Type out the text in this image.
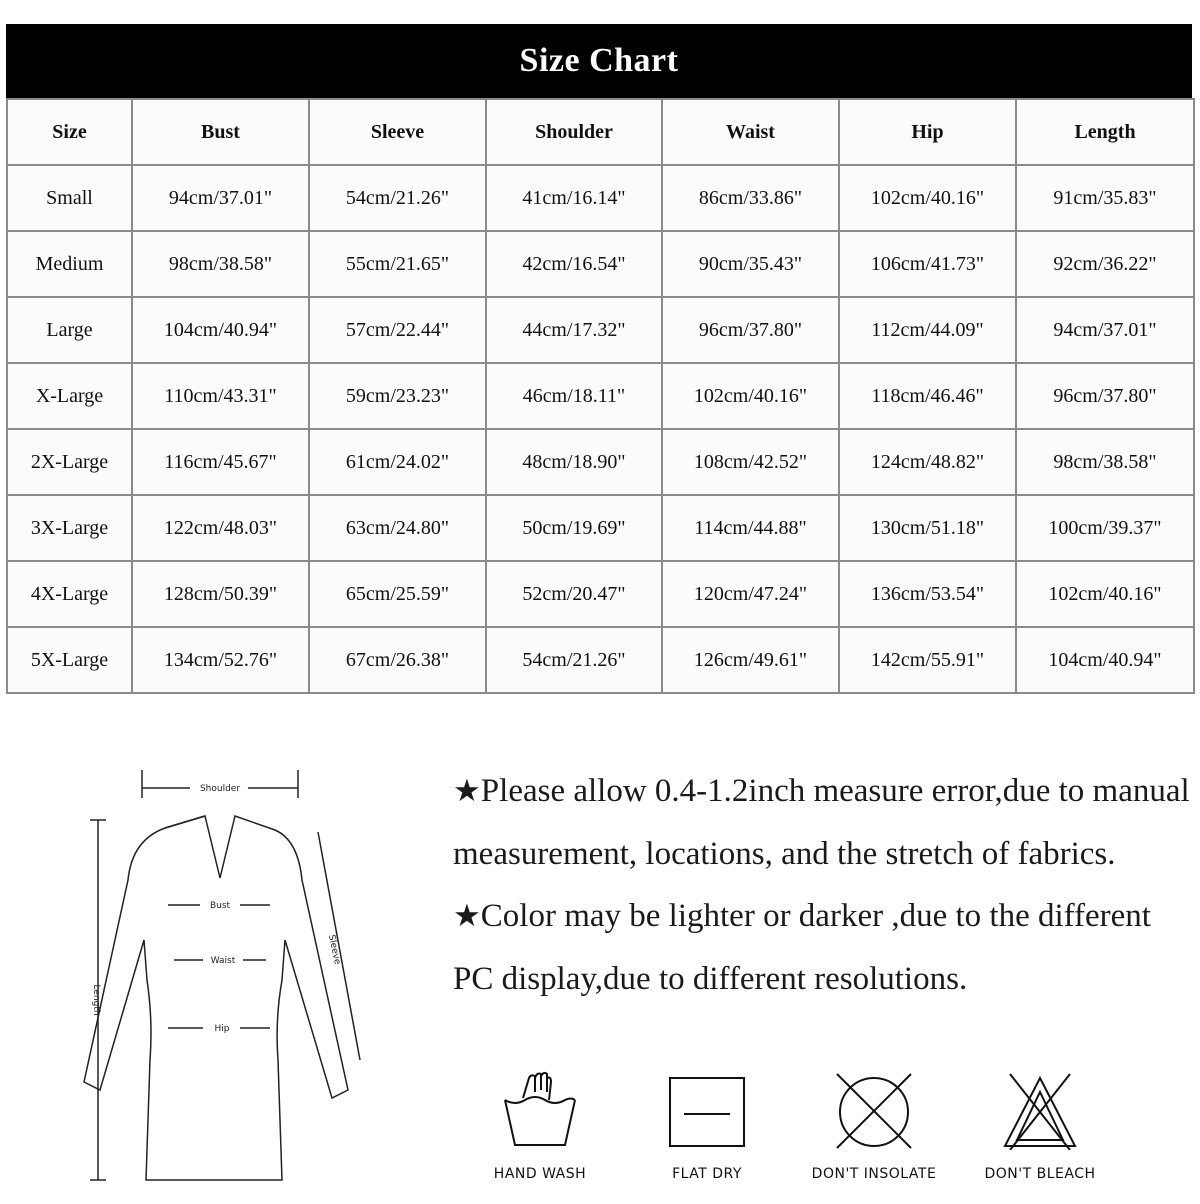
Size Chart
Size	Bust	Sleeve	Shoulder	Waist	Hip	Length
Small	94cm/37.01"	54cm/21.26"	41cm/16.14"	86cm/33.86"	102cm/40.16"	91cm/35.83"
Medium	98cm/38.58"	55cm/21.65"	42cm/16.54"	90cm/35.43"	106cm/41.73"	92cm/36.22"
Large	104cm/40.94"	57cm/22.44"	44cm/17.32"	96cm/37.80"	112cm/44.09"	94cm/37.01"
X-Large	110cm/43.31"	59cm/23.23"	46cm/18.11"	102cm/40.16"	118cm/46.46"	96cm/37.80"
2X-Large	116cm/45.67"	61cm/24.02"	48cm/18.90"	108cm/42.52"	124cm/48.82"	98cm/38.58"
3X-Large	122cm/48.03"	63cm/24.80"	50cm/19.69"	114cm/44.88"	130cm/51.18"	100cm/39.37"
4X-Large	128cm/50.39"	65cm/25.59"	52cm/20.47"	120cm/47.24"	136cm/53.54"	102cm/40.16"
5X-Large	134cm/52.76"	67cm/26.38"	54cm/21.26"	126cm/49.61"	142cm/55.91"	104cm/40.94"
Shoulder
Bust
Waist
Hip
Length
Sleeve

★Please allow 0.4-1.2inch measure error,due to manual measurement, locations, and the stretch of fabrics.

★Color may be lighter or darker ,due to the different PC display,due to different resolutions.

HAND WASH	FLAT DRY	DON'T INSOLATE	DON'T BLEACH
